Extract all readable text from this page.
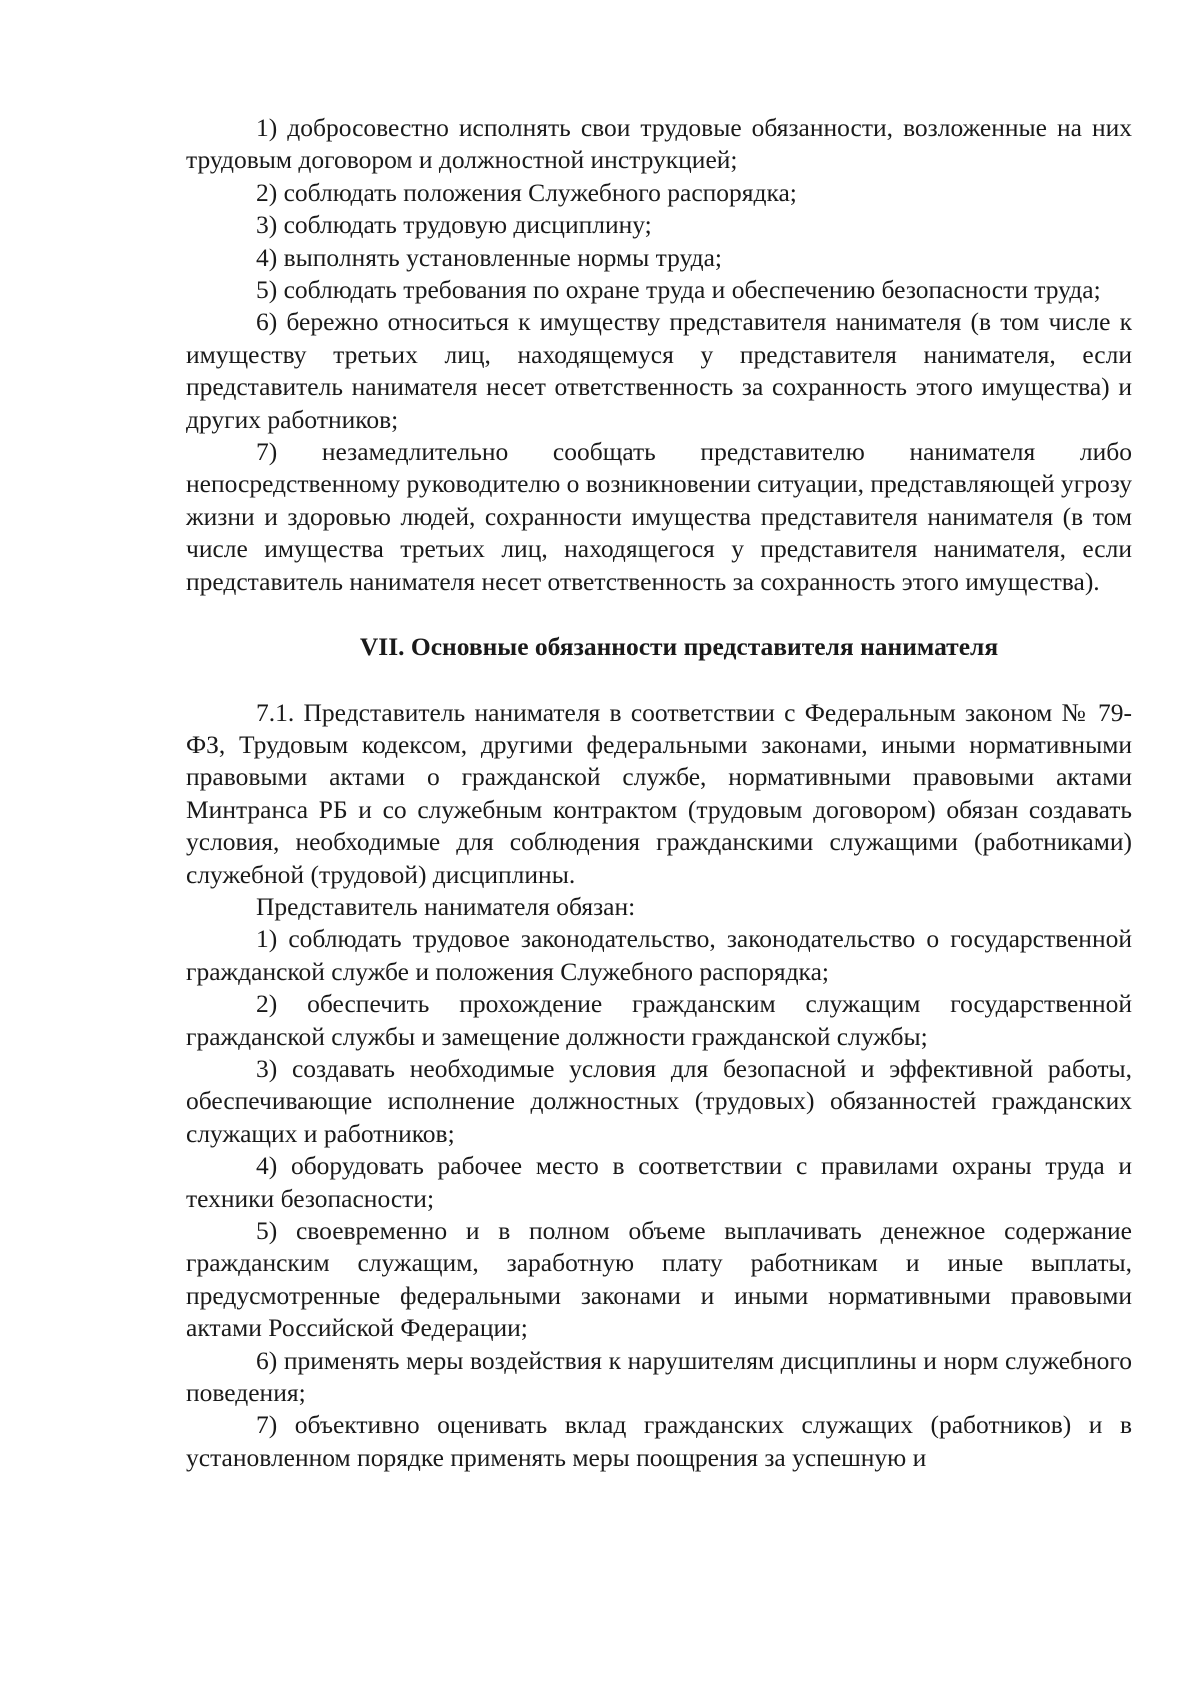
1) добросовестно исполнять свои трудовые обязанности, возложенные на них трудовым договором и должностной инструкцией;

2) соблюдать положения Служебного распорядка;

3) соблюдать трудовую дисциплину;

4) выполнять установленные нормы труда;

5) соблюдать требования по охране труда и обеспечению безопасности труда;

6) бережно относиться к имуществу представителя нанимателя (в том числе к имуществу третьих лиц, находящемуся у представителя нанимателя, если представитель нанимателя несет ответственность за сохранность этого имущества) и других работников;

7) незамедлительно сообщать представителю нанимателя либо непосредственному руководителю о возникновении ситуации, представляющей угрозу жизни и здоровью людей, сохранности имущества представителя нанимателя (в том числе имущества третьих лиц, находящегося у представителя нанимателя, если представитель нанимателя несет ответственность за сохранность этого имущества).

VII. Основные обязанности представителя нанимателя

7.1. Представитель нанимателя в соответствии с Федеральным законом № 79-ФЗ, Трудовым кодексом, другими федеральными законами, иными нормативными правовыми актами о гражданской службе, нормативными правовыми актами Минтранса РБ и со служебным контрактом (трудовым договором) обязан создавать условия, необходимые для соблюдения гражданскими служащими (работниками) служебной (трудовой) дисциплины.

Представитель нанимателя обязан:

1) соблюдать трудовое законодательство, законодательство о государственной гражданской службе и положения Служебного распорядка;

2) обеспечить прохождение гражданским служащим государственной гражданской службы и замещение должности гражданской службы;

3) создавать необходимые условия для безопасной и эффективной работы, обеспечивающие исполнение должностных (трудовых) обязанностей гражданских служащих и работников;

4) оборудовать рабочее место в соответствии с правилами охраны труда и техники безопасности;

5) своевременно и в полном объеме выплачивать денежное содержание гражданским служащим, заработную плату работникам и иные выплаты, предусмотренные федеральными законами и иными нормативными правовыми актами Российской Федерации;

6) применять меры воздействия к нарушителям дисциплины и норм служебного поведения;

7) объективно оценивать вклад гражданских служащих (работников) и в установленном порядке применять меры поощрения за успешную и
